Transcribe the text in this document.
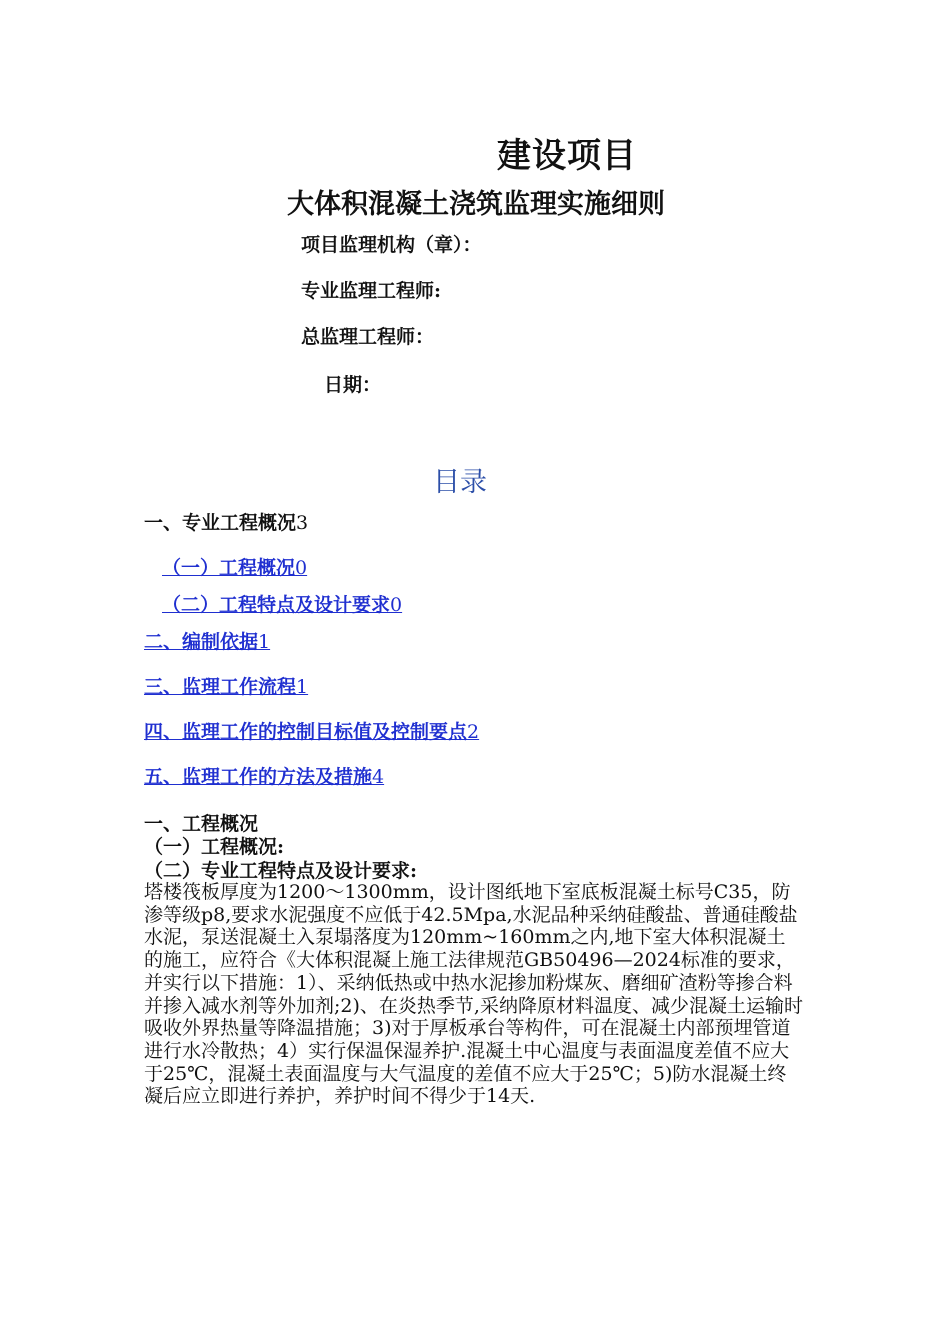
建设项目
大体积混凝土浇筑监理实施细则
项目监理机构（章）：
专业监理工程师:
总监理工程师：
日期：
目录
一、专业工程概况3
（一）工程概况0
（二）工程特点及设计要求0
二、编制依据1
三、监理工作流程1
四、监理工作的控制目标值及控制要点2
五、监理工作的方法及措施4
一、工程概况
（一）工程概况:
（二）专业工程特点及设计要求:
塔楼筏板厚度为1200～1300mm，设计图纸地下室底板混凝土标号C35，防渗等级p8,要求水泥强度不应低于42.5Mpa,水泥品种采纳硅酸盐、普通硅酸盐水泥，泵送混凝土入泵塌落度为120mm~160mm之内,地下室大体积混凝土的施工，应符合《大体积混凝上施工法律规范GB50496—2024标准的要求，并实行以下措施：1）、采纳低热或中热水泥掺加粉煤灰、磨细矿渣粉等掺合料并掺入减水剂等外加剂;2)、在炎热季节,采纳降原材料温度、减少混凝土运输时吸收外界热量等降温措施；3)对于厚板承台等构件，可在混凝土内部预埋管道进行水冷散热；4）实行保温保湿养护.混凝土中心温度与表面温度差值不应大于25℃，混凝土表面温度与大气温度的差值不应大于25℃；5)防水混凝土终凝后应立即进行养护，养护时间不得少于14天.
